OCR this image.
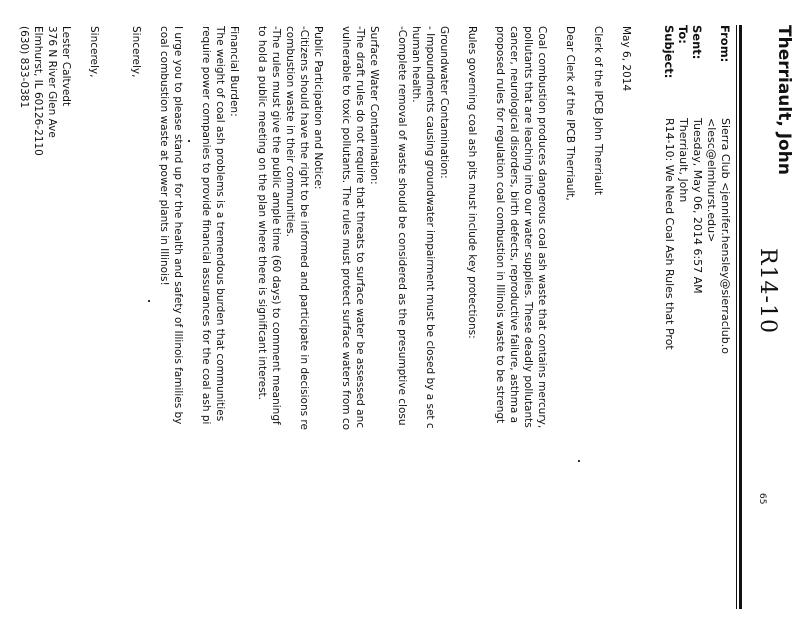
Therriault, John
R14-10
From:
Sierra Club <jennifer.hensley@sierraclub.o
<lesc@elmhurst.edu>
Sent:
Tuesday, May 06, 2014 6:57 AM
To:
Therriault, John
Subject:
R14-10: We Need Coal Ash Rules that Prot
May 6, 2014
Clerk of the IPCB John Therriault
Dear Clerk of the IPCB Therriault,
Coal combustion produces dangerous coal ash waste that contains mercury,
pollutants that are leaching into our water supplies. These deadly pollutants
cancer, neurological disorders, birth defects, reproductive failure, asthma a
proposed rules for regulation coal combustion in Illinois waste to be strengt
Rules governing coal ash pits must include key protections:
Groundwater Contamination:
- Impoundments causing groundwater impairment must be closed by a set c
human health.
-Complete removal of waste should be considered as the presumptive closu
Surface Water Contamination:
-The draft rules do not require that threats to surface water be assessed anc
vulnerable to toxic pollutants. The rules must protect surface waters from co
Public Participation and Notice:
-Citizens should have the right to be informed and participate in decisions re
combustion waste in their communities.
-The rules must give the public ample time (60 days) to comment meaningf
to hold a public meeting on the plan where there is significant interest.
Financial Burden:
The weight of coal ash problems is a tremendous burden that communities
require power companies to provide financial assurances for the coal ash pi
I urge you to please stand up for the health and safety of Illinois families by
coal combustion waste at power plants in Illinois!
Sincerely,
Sincerely,
Lester Caltvedt
376 N River Glen Ave
Elmhurst, IL 60126-2110
(630) 833-0381
65
